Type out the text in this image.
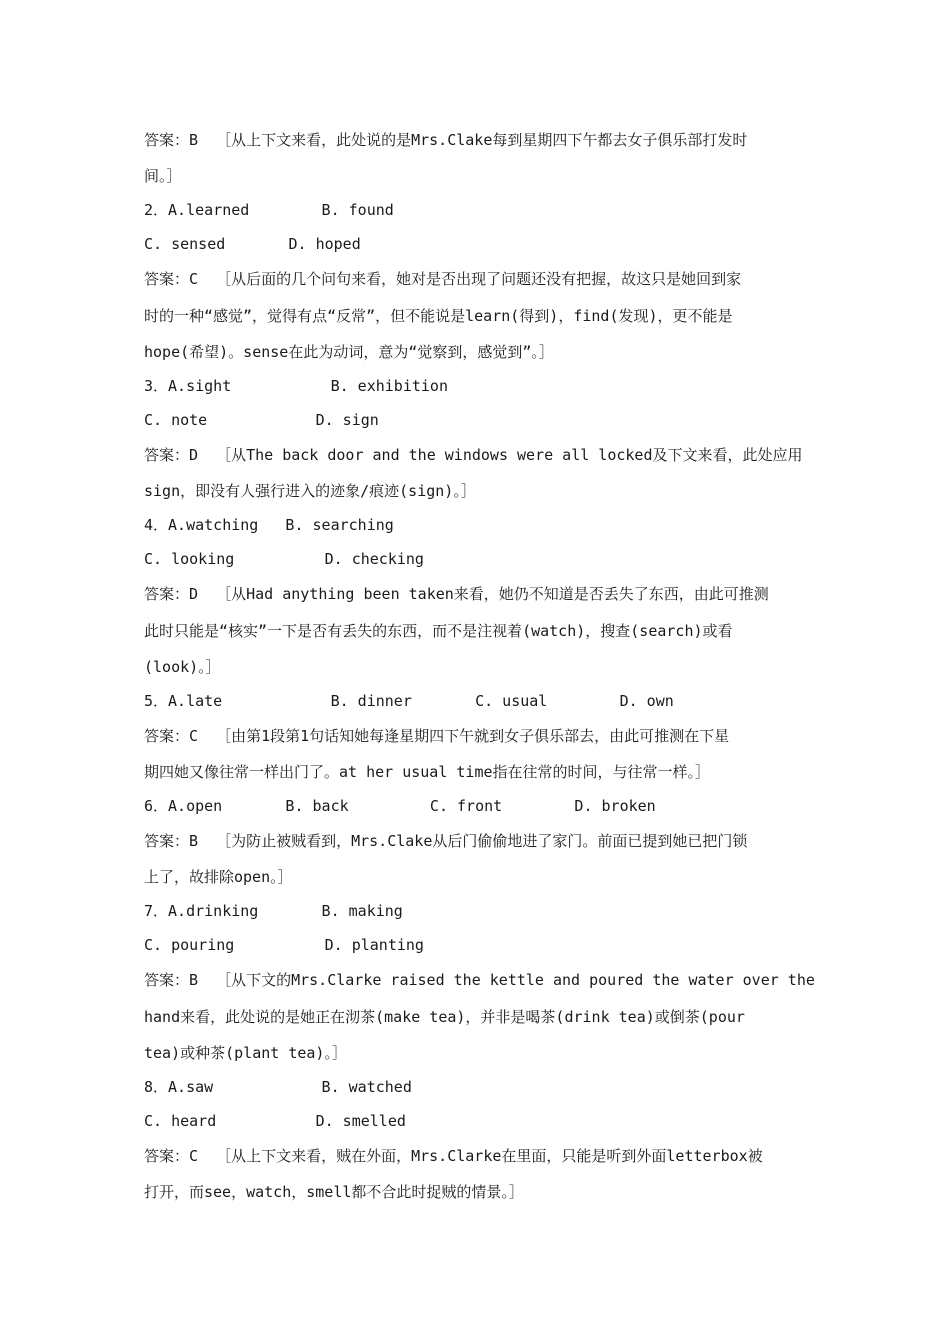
答案：B  ［从上下文来看，此处说的是Mrs.Clake每到星期四下午都去女子俱乐部打发时
间。］
2．A.learned        B. found
C. sensed       D. hoped
答案：C  ［从后面的几个问句来看，她对是否出现了问题还没有把握，故这只是她回到家
时的一种“感觉”，觉得有点“反常”，但不能说是learn(得到)，find(发现)，更不能是
hope(希望)。sense在此为动词，意为“觉察到，感觉到”。］
3．A.sight           B. exhibition
C. note            D. sign
答案：D  ［从The back door and the windows were all locked及下文来看，此处应用
sign，即没有人强行进入的迹象/痕迹(sign)。］
4．A.watching   B. searching
C. looking          D. checking
答案：D  ［从Had anything been taken来看，她仍不知道是否丢失了东西，由此可推测
此时只能是“核实”一下是否有丢失的东西，而不是注视着(watch)，搜查(search)或看
(look)。］
5．A.late            B. dinner       C. usual        D. own
答案：C  ［由第1段第1句话知她每逢星期四下午就到女子俱乐部去，由此可推测在下星
期四她又像往常一样出门了。at her usual time指在往常的时间，与往常一样。］
6．A.open       B. back         C. front        D. broken
答案：B  ［为防止被贼看到，Mrs.Clake从后门偷偷地进了家门。前面已提到她已把门锁
上了，故排除open。］
7．A.drinking       B. making
C. pouring          D. planting
答案：B  ［从下文的Mrs.Clarke raised the kettle and poured the water over the
hand来看，此处说的是她正在沏茶(make tea)，并非是喝茶(drink tea)或倒茶(pour
tea)或种茶(plant tea)。］
8．A.saw            B. watched
C. heard           D. smelled
答案：C  ［从上下文来看，贼在外面，Mrs.Clarke在里面，只能是听到外面letterbox被
打开，而see，watch，smell都不合此时捉贼的情景。］
